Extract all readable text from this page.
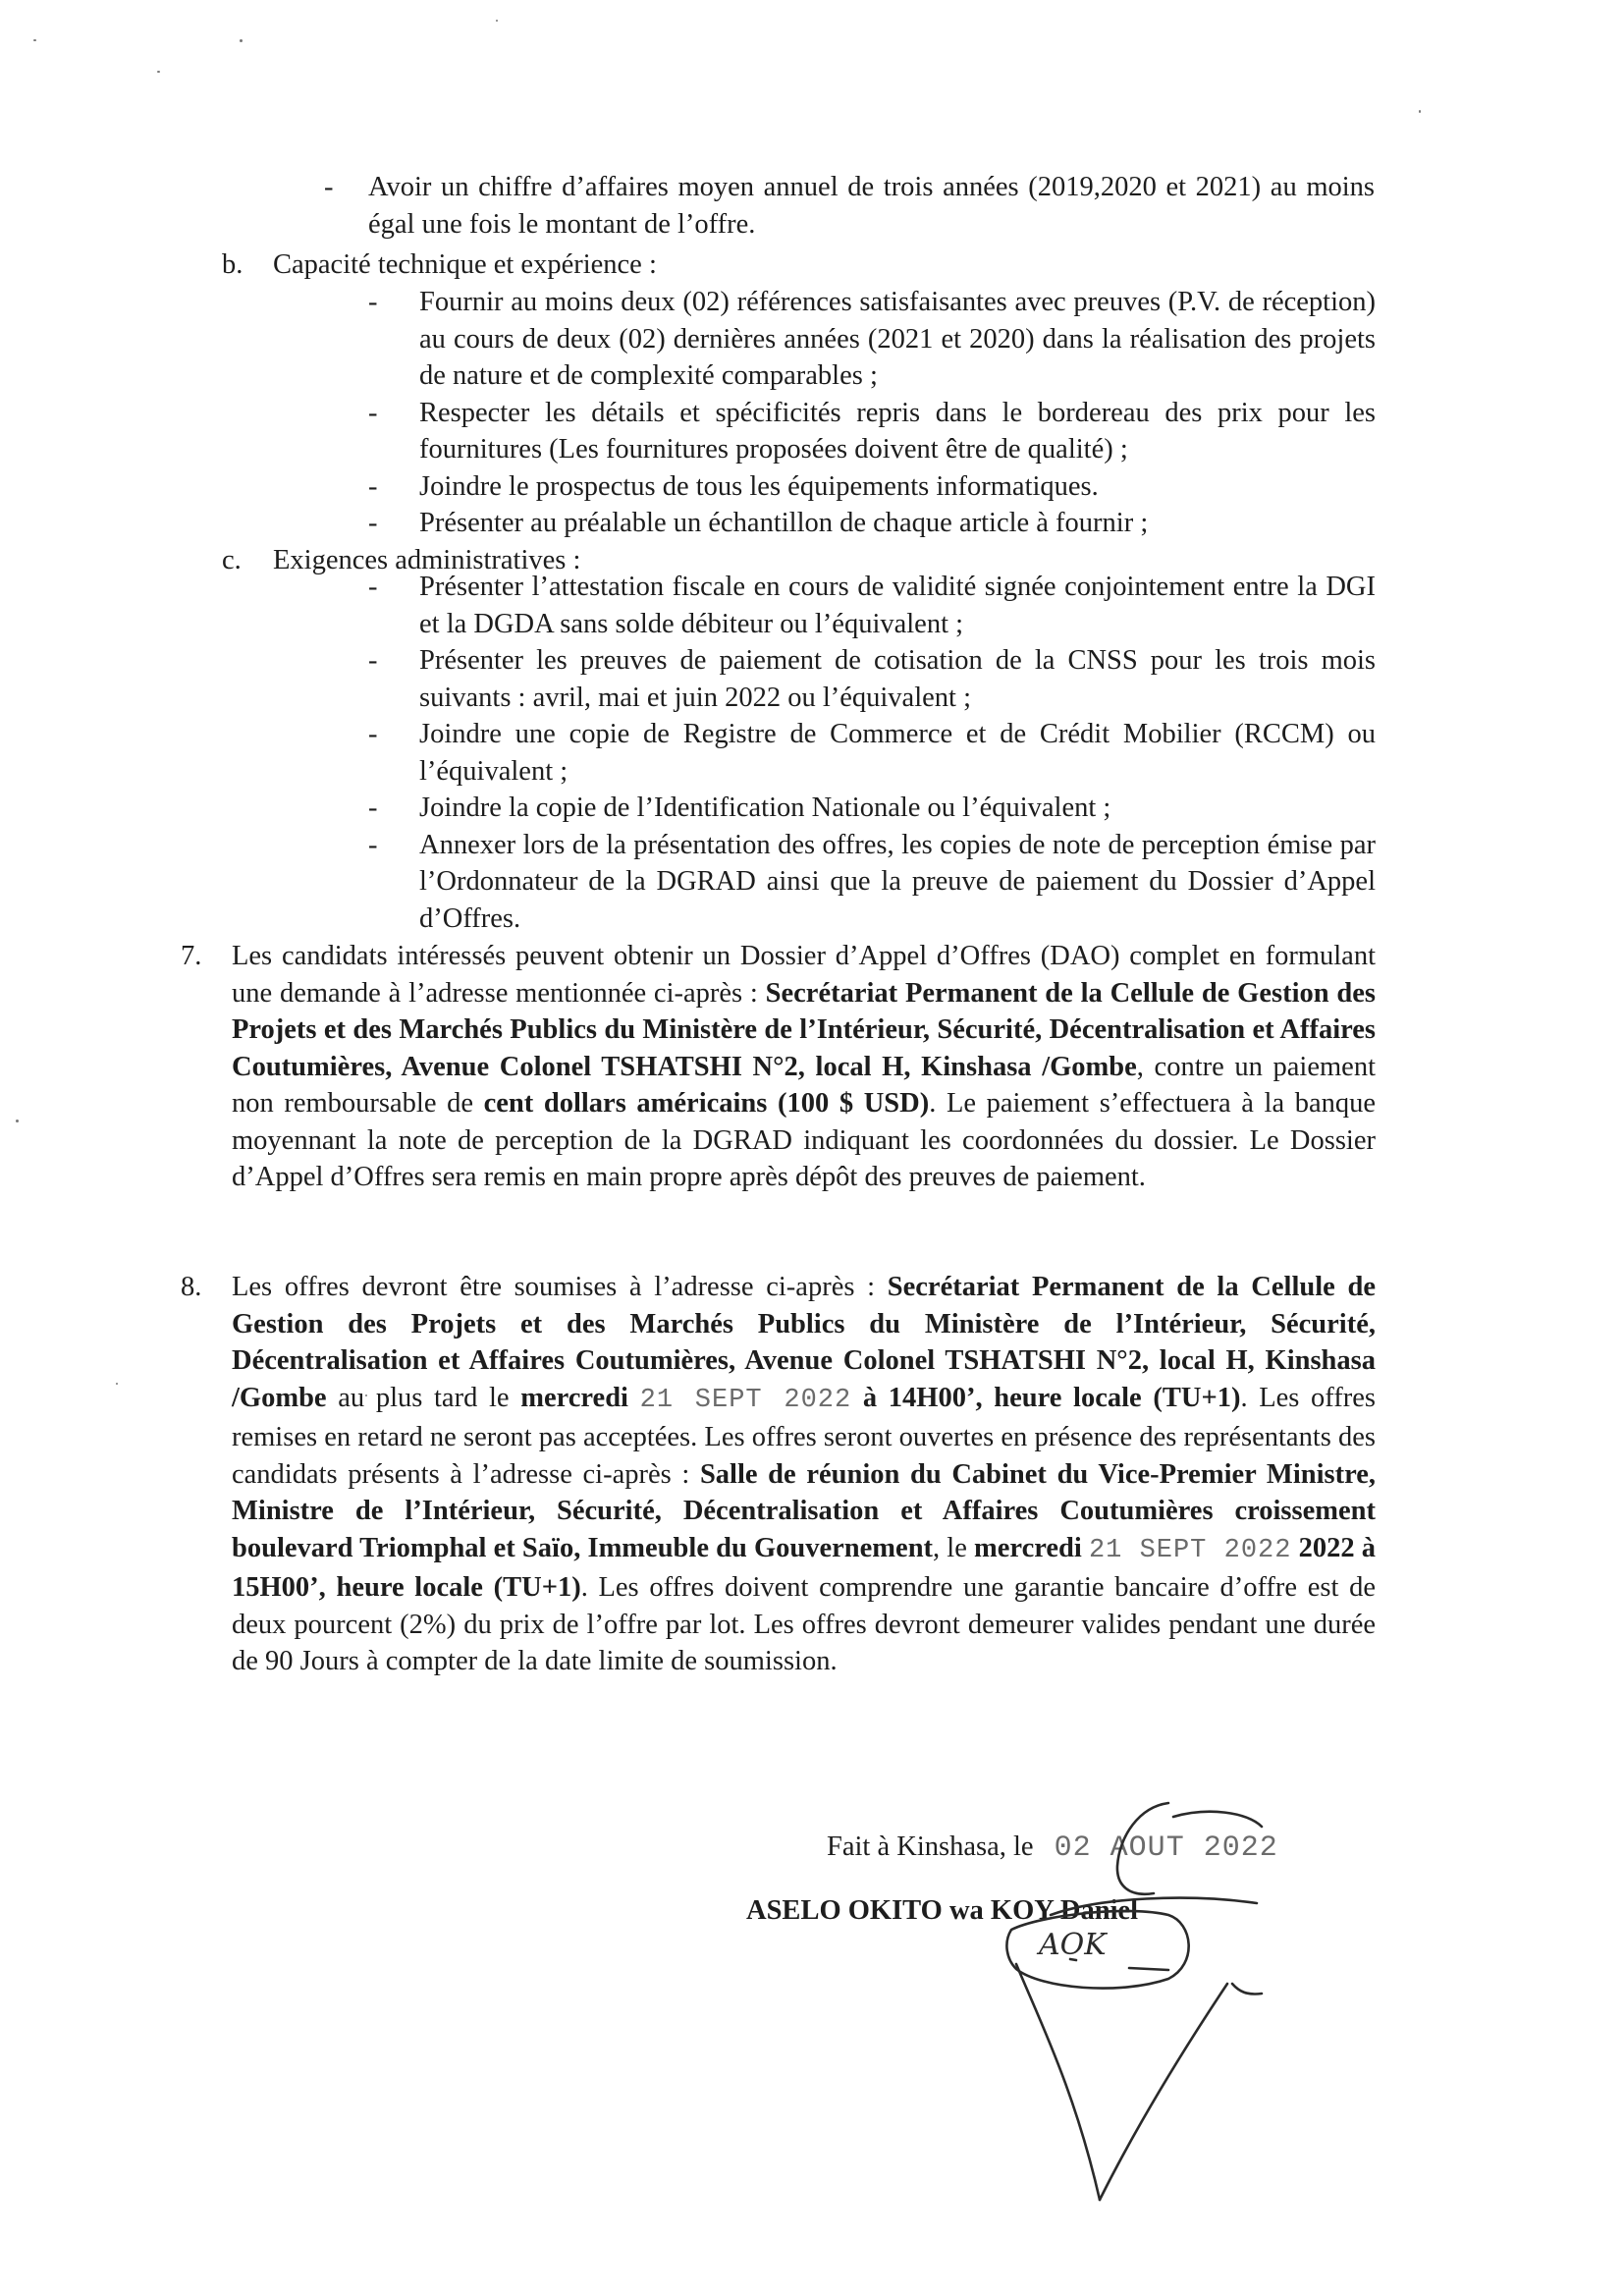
-	Avoir un chiffre d’affaires moyen annuel de trois années (2019,2020 et 2021) au moins égal une fois le montant de l’offre.
b. Capacité technique et expérience :
-	Fournir au moins deux (02) références satisfaisantes avec preuves (P.V. de réception) au cours de deux (02) dernières années (2021 et 2020) dans la réalisation des projets de nature et de complexité comparables ;
-	Respecter les détails et spécificités repris dans le bordereau des prix pour les fournitures (Les fournitures proposées doivent être de qualité) ;
-	Joindre le prospectus de tous les équipements informatiques.
-	Présenter au préalable un échantillon de chaque article à fournir ;
c. Exigences administratives :
-	Présenter l’attestation fiscale en cours de validité signée conjointement entre la DGI et la DGDA sans solde débiteur ou l’équivalent ;
-	Présenter les preuves de paiement de cotisation de la CNSS pour les trois mois suivants : avril, mai et juin 2022 ou l’équivalent ;
-	Joindre une copie de Registre de Commerce et de Crédit Mobilier (RCCM) ou l’équivalent ;
-	Joindre la copie de l’Identification Nationale ou l’équivalent ;
-	Annexer lors de la présentation des offres, les copies de note de perception émise par l’Ordonnateur de la DGRAD ainsi que la preuve de paiement du Dossier d’Appel d’Offres.
7. Les candidats intéressés peuvent obtenir un Dossier d’Appel d’Offres (DAO) complet en formulant une demande à l’adresse mentionnée ci-après : Secrétariat Permanent de la Cellule de Gestion des Projets et des Marchés Publics du Ministère de l’Intérieur, Sécurité, Décentralisation et Affaires Coutumières, Avenue Colonel TSHATSHI N°2, local H, Kinshasa /Gombe, contre un paiement non remboursable de cent dollars américains (100 $ USD). Le paiement s’effectuera à la banque moyennant la note de perception de la DGRAD indiquant les coordonnées du dossier. Le Dossier d’Appel d’Offres sera remis en main propre après dépôt des preuves de paiement.
8. Les offres devront être soumises à l’adresse ci-après : Secrétariat Permanent de la Cellule de Gestion des Projets et des Marchés Publics du Ministère de l’Intérieur, Sécurité, Décentralisation et Affaires Coutumières, Avenue Colonel TSHATSHI N°2, local H, Kinshasa /Gombe au plus tard le mercredi 21 SEPT 2022 à 14H00’, heure locale (TU+1). Les offres remises en retard ne seront pas acceptées. Les offres seront ouvertes en présence des représentants des candidats présents à l’adresse ci-après : Salle de réunion du Cabinet du Vice-Premier Ministre, Ministre de l’Intérieur, Sécurité, Décentralisation et Affaires Coutumières croissement boulevard Triomphal et Saïo, Immeuble du Gouvernement, le mercredi 21 SEPT 2022 2022 à 15H00’, heure locale (TU+1). Les offres doivent comprendre une garantie bancaire d’offre est de deux pourcent (2%) du prix de l’offre par lot. Les offres devront demeurer valides pendant une durée de 90 Jours à compter de la date limite de soumission.
Fait à Kinshasa, le 02 AOUT 2022
ASELO OKITO wa KOY Daniel
AOK
